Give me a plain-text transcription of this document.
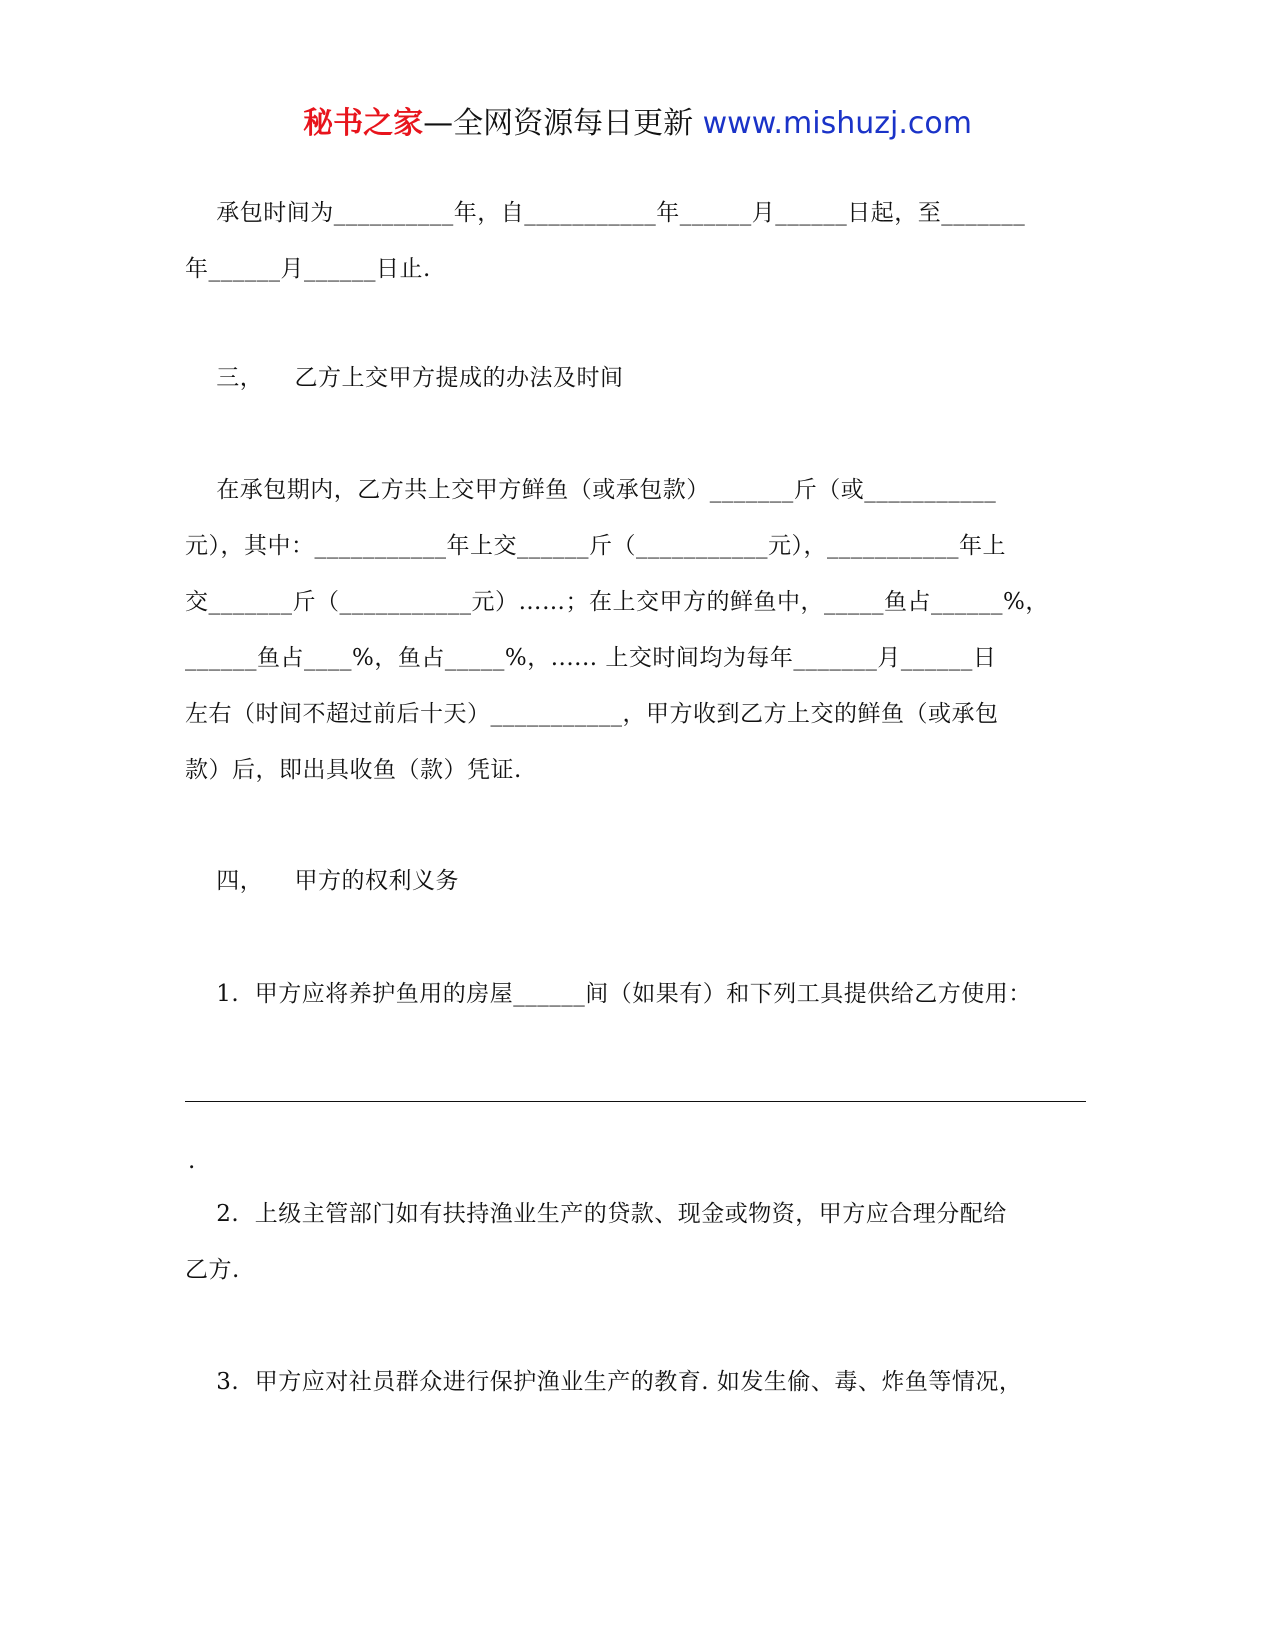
秘书之家—全网资源每日更新 www.mishuzj.com
承包时间为__________年，自___________年______月______日起，至_______
年______月______日止.
三，    乙方上交甲方提成的办法及时间
在承包期内，乙方共上交甲方鲜鱼（或承包款）_______斤（或___________
元），其中：___________年上交______斤（___________元），___________年上
交_______斤（___________元）……；在上交甲方的鲜鱼中，_____鱼占______%，
______鱼占____%，鱼占_____%，...... 上交时间均为每年_______月______日
左右（时间不超过前后十天）___________，甲方收到乙方上交的鲜鱼（或承包
款）后，即出具收鱼（款）凭证.
四，    甲方的权利义务
1.  甲方应将养护鱼用的房屋______间（如果有）和下列工具提供给乙方使用：
.
2.  上级主管部门如有扶持渔业生产的贷款、现金或物资，甲方应合理分配给
乙方.
3.  甲方应对社员群众进行保护渔业生产的教育. 如发生偷、毒、炸鱼等情况，
